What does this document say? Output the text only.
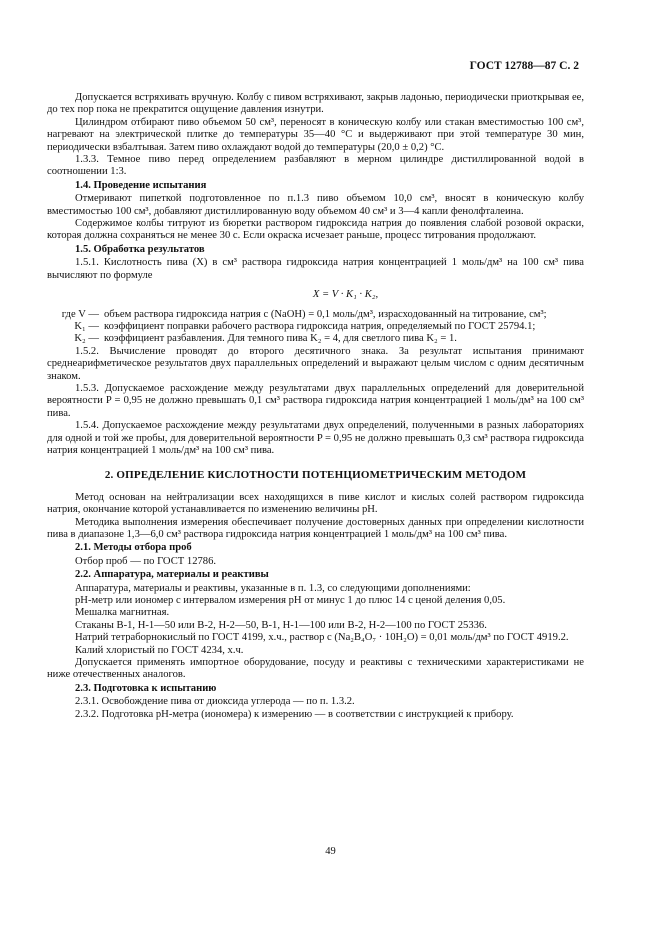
ГОСТ 12788—87 С. 2

Допускается встряхивать вручную. Колбу с пивом встряхивают, закрыв ладонью, периодически приоткрывая ее, до тех пор пока не прекратится ощущение давления изнутри.

Цилиндром отбирают пиво объемом 50 см³, переносят в коническую колбу или стакан вместимостью 100 см³, нагревают на электрической плитке до температуры 35—40 °С и выдерживают при этой температуре 30 мин, периодически взбалтывая. Затем пиво охлаждают водой до температуры (20,0 ± 0,2) °С.

1.3.3. Темное пиво перед определением разбавляют в мерном цилиндре дистиллированной водой в соотношении 1:3.

1.4. Проведение испытания

Отмеривают пипеткой подготовленное по п.1.3 пиво объемом 10,0 см³, вносят в коническую колбу вместимостью 100 см³, добавляют дистиллированную воду объемом 40 см³ и 3—4 капли фенолфталеина.

Содержимое колбы титруют из бюретки раствором гидроксида натрия до появления слабой розовой окраски, которая должна сохраняться не менее 30 с. Если окраска исчезает раньше, процесс титрования продолжают.

1.5. Обработка результатов

1.5.1. Кислотность пива (X) в см³ раствора гидроксида натрия концентрацией 1 моль/дм³ на 100 см³ пива вычисляют по формуле

X = V · K₁ · K₂,

где V — объем раствора гидроксида натрия c (NaOH) = 0,1 моль/дм³, израсходованный на титрование, см³;
K₁ — коэффициент поправки рабочего раствора гидроксида натрия, определяемый по ГОСТ 25794.1;
K₂ — коэффициент разбавления. Для темного пива K₂ = 4, для светлого пива K₂ = 1.

1.5.2. Вычисление проводят до второго десятичного знака. За результат испытания принимают среднеарифметическое результатов двух параллельных определений и выражают целым числом с одним десятичным знаком.

1.5.3. Допускаемое расхождение между результатами двух параллельных определений для доверительной вероятности P = 0,95 не должно превышать 0,1 см³ раствора гидроксида натрия концентрацией 1 моль/дм³ на 100 см³ пива.

1.5.4. Допускаемое расхождение между результатами двух определений, полученными в разных лабораториях для одной и той же пробы, для доверительной вероятности P = 0,95 не должно превышать 0,3 см³ раствора гидроксида натрия концентрацией 1 моль/дм³ на 100 см³ пива.

2. ОПРЕДЕЛЕНИЕ КИСЛОТНОСТИ ПОТЕНЦИОМЕТРИЧЕСКИМ МЕТОДОМ

Метод основан на нейтрализации всех находящихся в пиве кислот и кислых солей раствором гидроксида натрия, окончание которой устанавливается по изменению величины pH.

Методика выполнения измерения обеспечивает получение достоверных данных при определении кислотности пива в диапазоне 1,3—6,0 см³ раствора гидроксида натрия концентрацией 1 моль/дм³ на 100 см³ пива.

2.1. Методы отбора проб

Отбор проб — по ГОСТ 12786.

2.2. Аппаратура, материалы и реактивы

Аппаратура, материалы и реактивы, указанные в п. 1.3, со следующими дополнениями:

pH-метр или иономер с интервалом измерения pH от минус 1 до плюс 14 с ценой деления 0,05.

Мешалка магнитная.

Стаканы В-1, Н-1—50 или В-2, Н-2—50, В-1, Н-1—100 или В-2, Н-2—100 по ГОСТ 25336.

Натрий тетраборнокислый по ГОСТ 4199, х.ч., раствор c (Na₂B₄O₇ · 10H₂O) = 0,01 моль/дм³ по ГОСТ 4919.2.

Калий хлористый по ГОСТ 4234, х.ч.

Допускается применять импортное оборудование, посуду и реактивы с техническими характеристиками не ниже отечественных аналогов.

2.3. Подготовка к испытанию

2.3.1. Освобождение пива от диоксида углерода — по п. 1.3.2.

2.3.2. Подготовка pH-метра (иономера) к измерению — в соответствии с инструкцией к прибору.

49
